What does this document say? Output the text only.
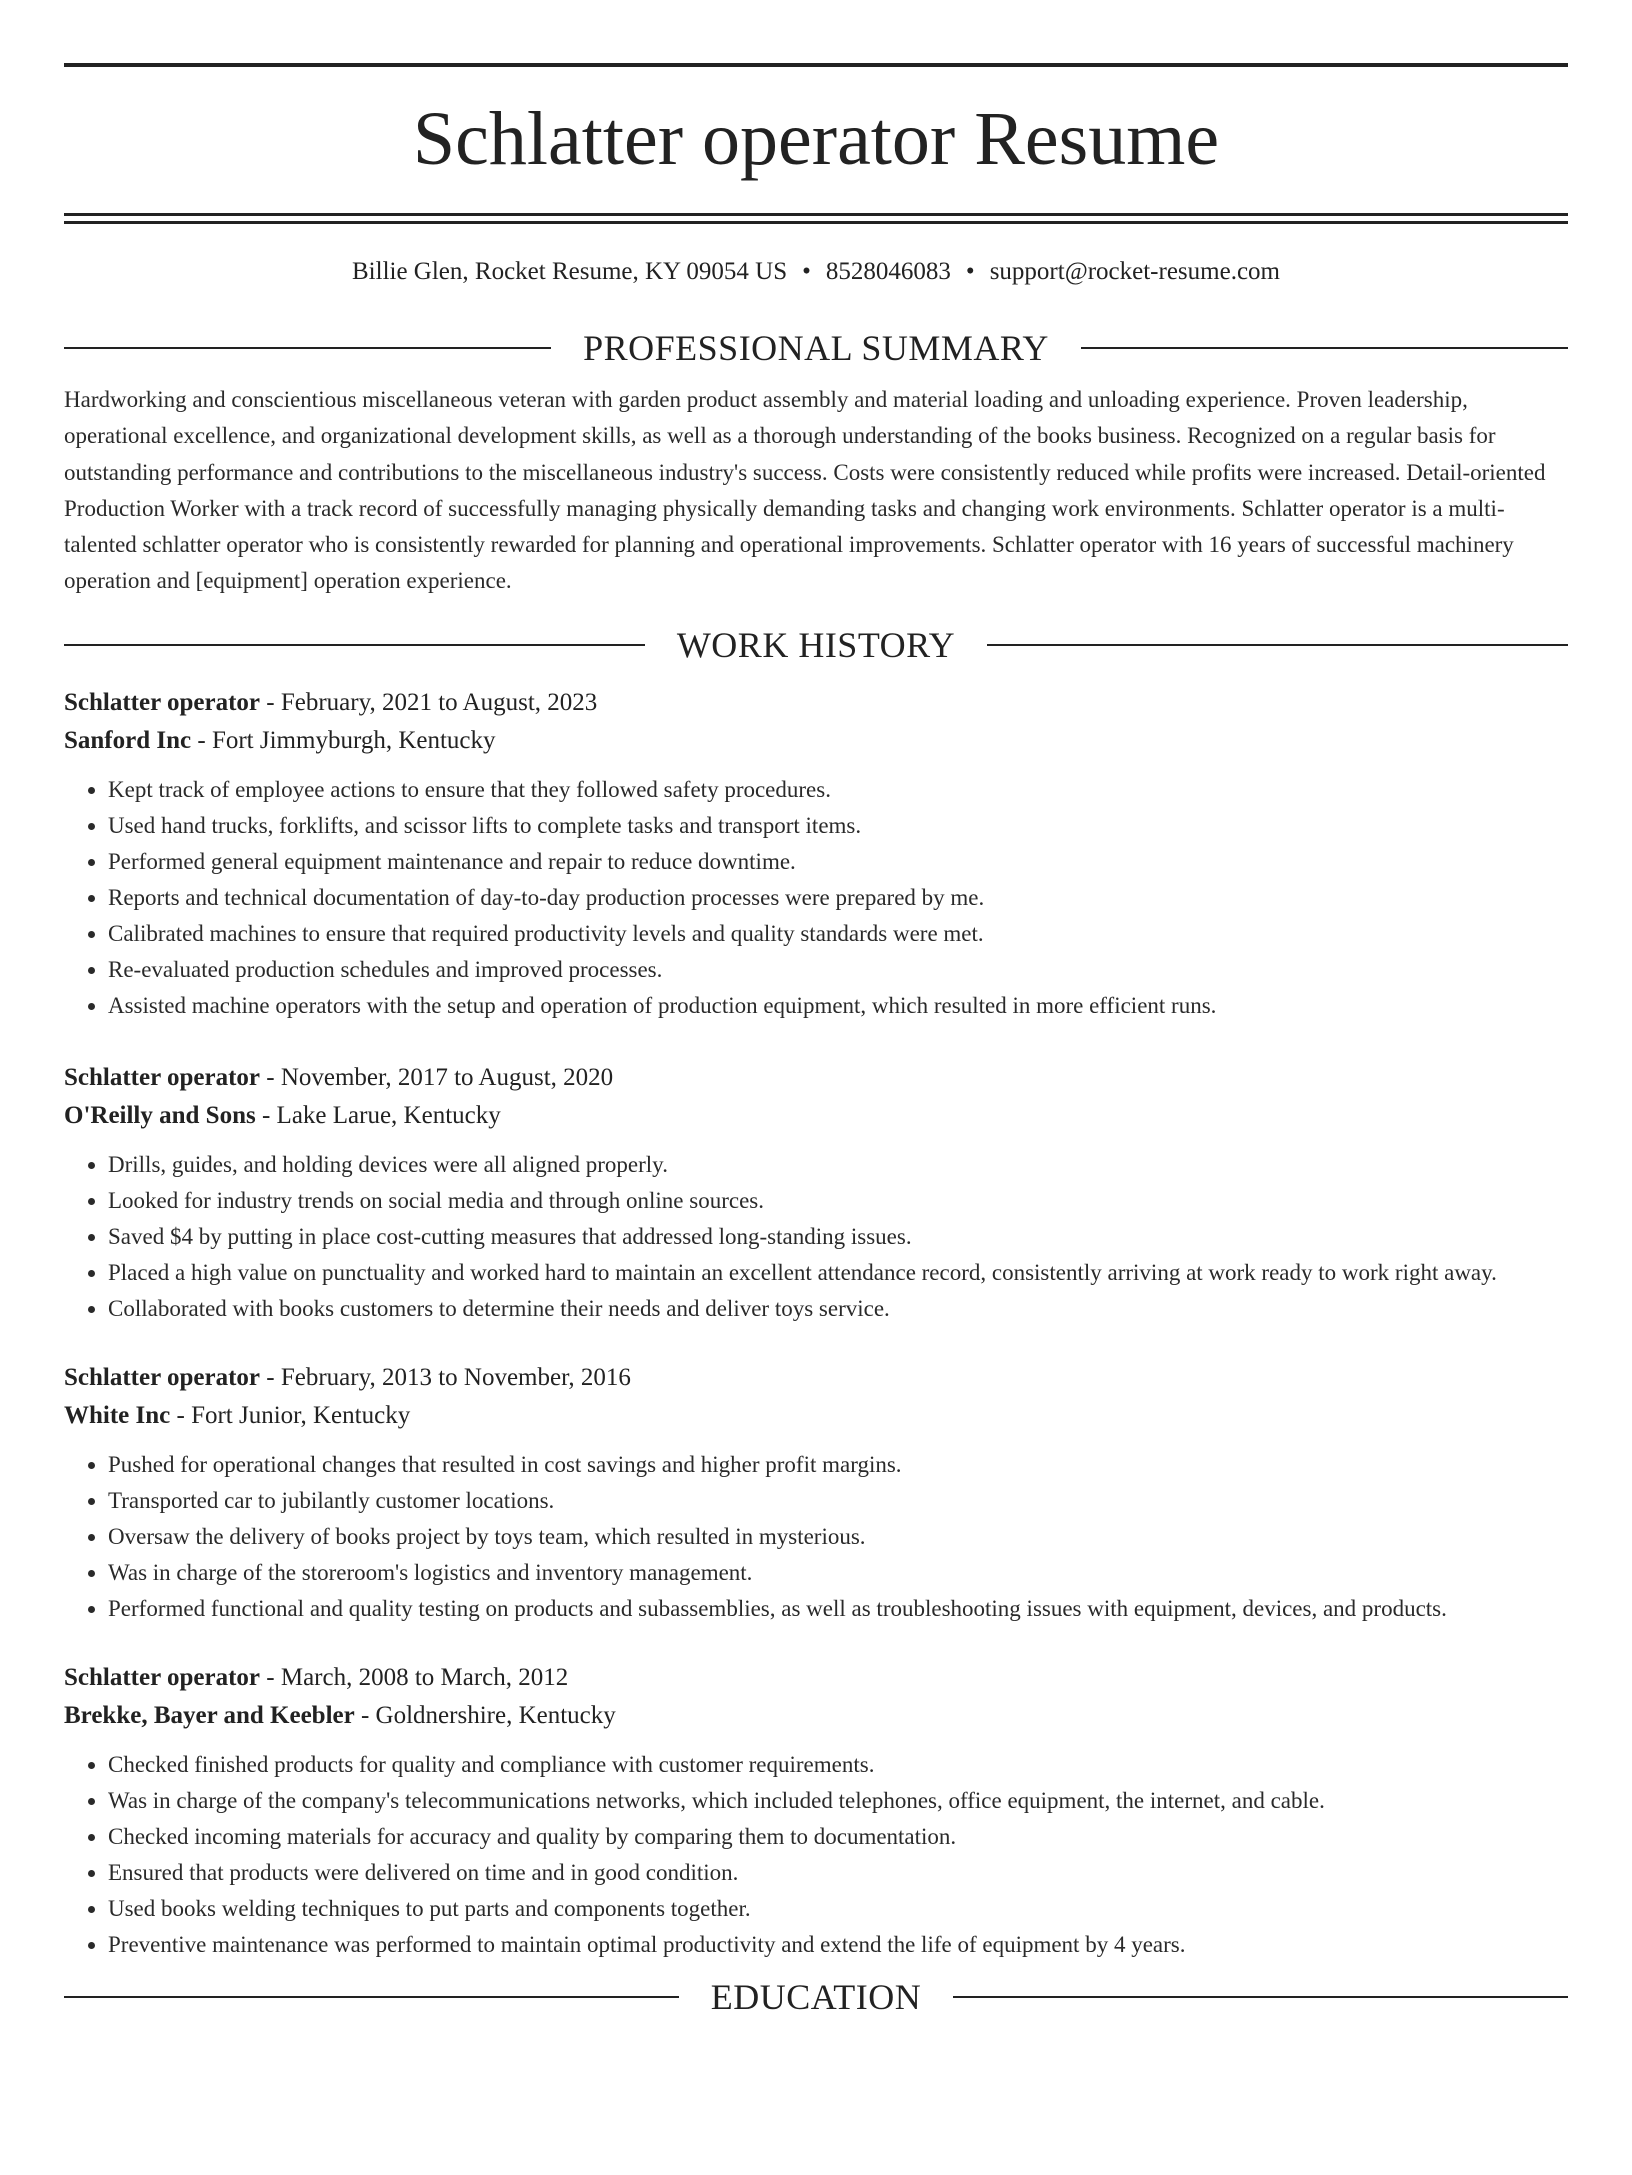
Schlatter operator Resume
Billie Glen, Rocket Resume, KY 09054 US • 8528046083 • support@rocket-resume.com
PROFESSIONAL SUMMARY

Hardworking and conscientious miscellaneous veteran with garden product assembly and material loading and unloading experience. Proven leadership, operational excellence, and organizational development skills, as well as a thorough understanding of the books business. Recognized on a regular basis for outstanding performance and contributions to the miscellaneous industry's success. Costs were consistently reduced while profits were increased. Detail-oriented Production Worker with a track record of successfully managing physically demanding tasks and changing work environments. Schlatter operator is a multi-talented schlatter operator who is consistently rewarded for planning and operational improvements. Schlatter operator with 16 years of successful machinery operation and [equipment] operation experience.

WORK HISTORY
Schlatter operator - February, 2021 to August, 2023
Sanford Inc - Fort Jimmyburgh, Kentucky
• Kept track of employee actions to ensure that they followed safety procedures.
• Used hand trucks, forklifts, and scissor lifts to complete tasks and transport items.
• Performed general equipment maintenance and repair to reduce downtime.
• Reports and technical documentation of day-to-day production processes were prepared by me.
• Calibrated machines to ensure that required productivity levels and quality standards were met.
• Re-evaluated production schedules and improved processes.
• Assisted machine operators with the setup and operation of production equipment, which resulted in more efficient runs.
Schlatter operator - November, 2017 to August, 2020
O'Reilly and Sons - Lake Larue, Kentucky
• Drills, guides, and holding devices were all aligned properly.
• Looked for industry trends on social media and through online sources.
• Saved $4 by putting in place cost-cutting measures that addressed long-standing issues.
• Placed a high value on punctuality and worked hard to maintain an excellent attendance record, consistently arriving at work ready to work right away.
• Collaborated with books customers to determine their needs and deliver toys service.
Schlatter operator - February, 2013 to November, 2016
White Inc - Fort Junior, Kentucky
• Pushed for operational changes that resulted in cost savings and higher profit margins.
• Transported car to jubilantly customer locations.
• Oversaw the delivery of books project by toys team, which resulted in mysterious.
• Was in charge of the storeroom's logistics and inventory management.
• Performed functional and quality testing on products and subassemblies, as well as troubleshooting issues with equipment, devices, and products.
Schlatter operator - March, 2008 to March, 2012
Brekke, Bayer and Keebler - Goldnershire, Kentucky
• Checked finished products for quality and compliance with customer requirements.
• Was in charge of the company's telecommunications networks, which included telephones, office equipment, the internet, and cable.
• Checked incoming materials for accuracy and quality by comparing them to documentation.
• Ensured that products were delivered on time and in good condition.
• Used books welding techniques to put parts and components together.
• Preventive maintenance was performed to maintain optimal productivity and extend the life of equipment by 4 years.
EDUCATION
